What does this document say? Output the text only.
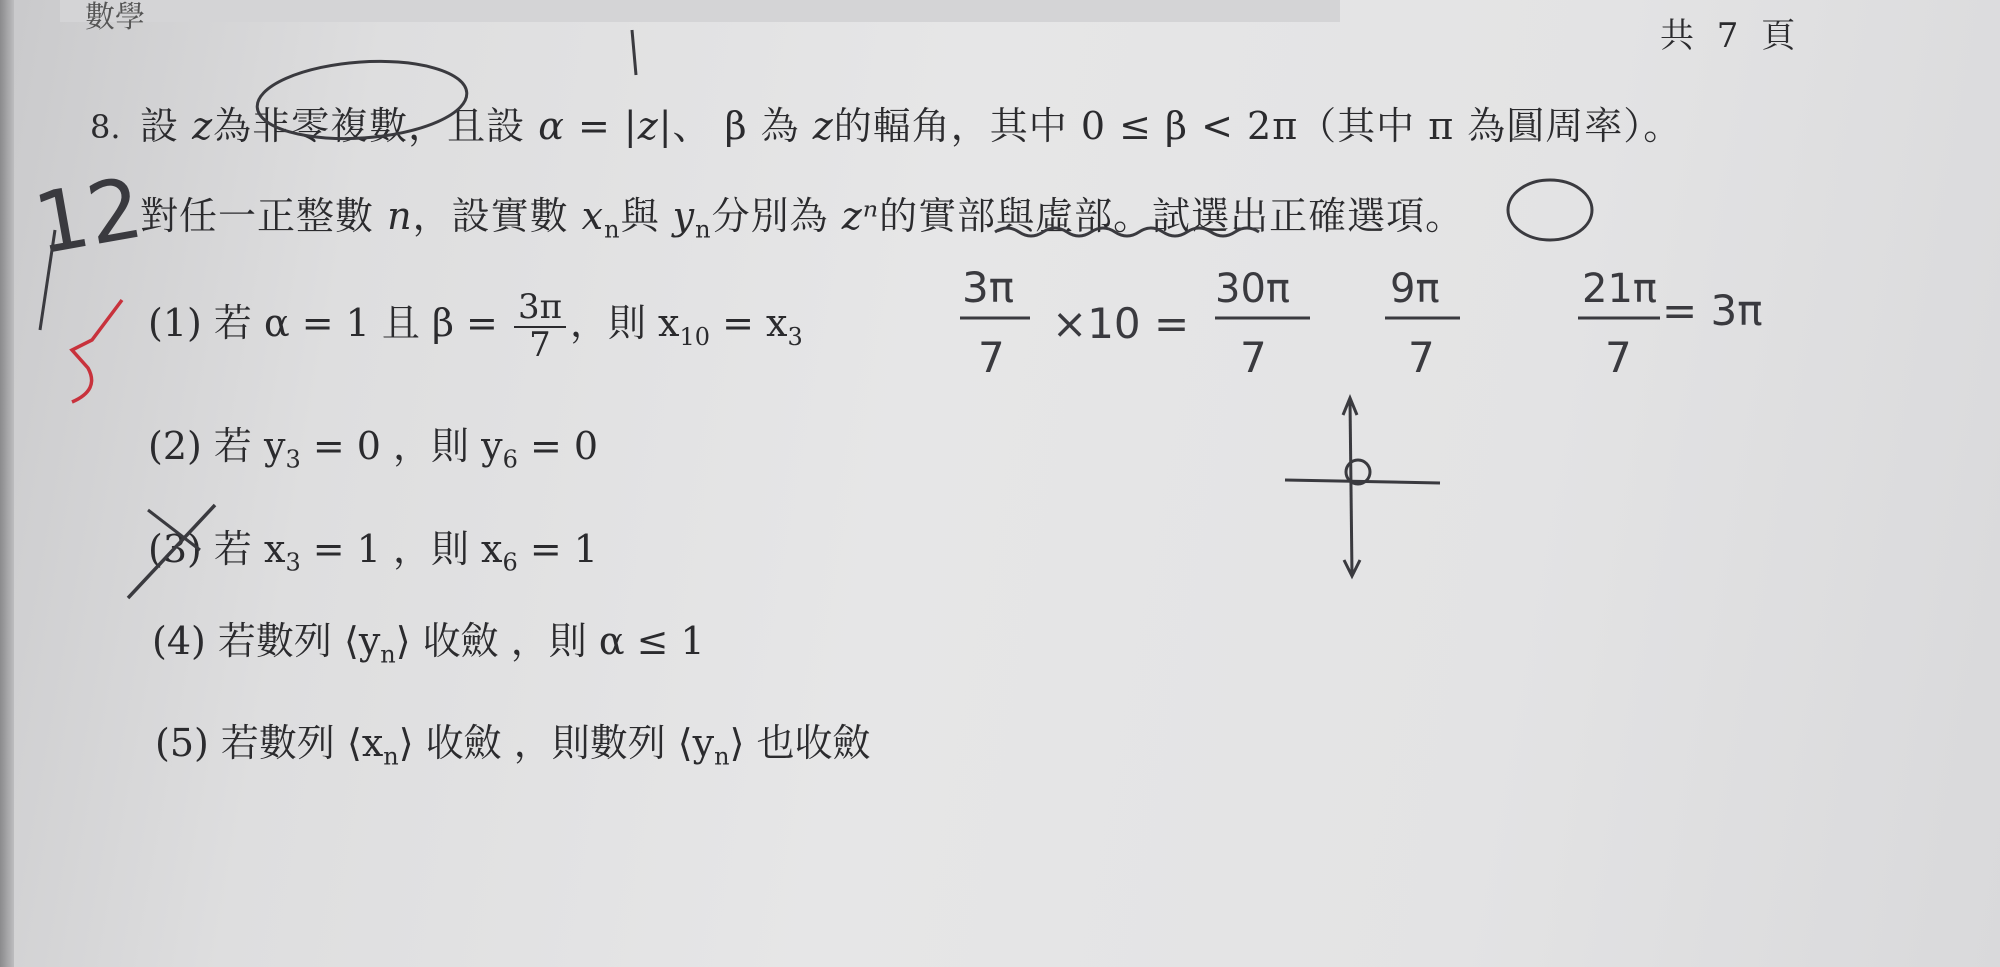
數學	共 7 頁
8. 設 z為非零複數，且設 α = |z|、 β 為 z的輻角，其中 0 ≤ β < 2π（其中 π 為圓周率）。
對任一正整數 n，設實數 $x_n$與 $y_n$分別為 zⁿ的實部與虛部。試選出正確選項。
(1) 若 α = 1 且 $\beta = \frac{3\pi}{7}$ ，則 $x_{10} = x_3$
(2) 若 $y_3 = 0$ ，則 $y_6 = 0$
(3) 若 $x_3 = 1$ ，則 $x_6 = 1$
(4) 若數列 $⟨y_n⟩$ 收斂 ，則 α ≤ 1
(5) 若數列 $⟨x_n⟩$ 收斂 ，則數列 $⟨y_n⟩$ 也收斂
12
3π
7
×10 =
30π
7
9π
7
21π
7
= 3π
